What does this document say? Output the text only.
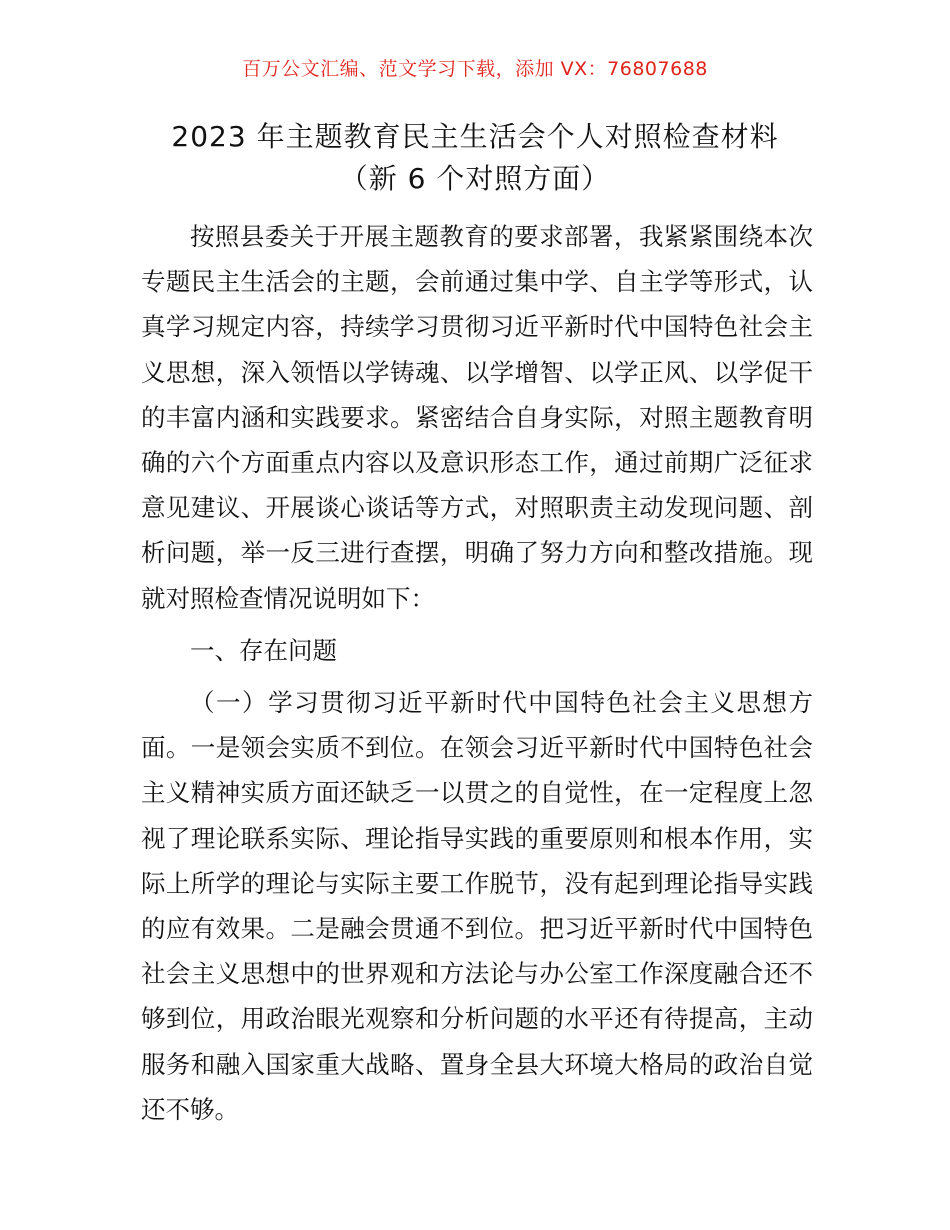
百万公文汇编、范文学习下载，添加 VX：76807688
2023 年主题教育民主生活会个人对照检查材料
（新 6 个对照方面）

按照县委关于开展主题教育的要求部署，我紧紧围绕本次专题民主生活会的主题，会前通过集中学、自主学等形式，认真学习规定内容，持续学习贯彻习近平新时代中国特色社会主义思想，深入领悟以学铸魂、以学增智、以学正风、以学促干的丰富内涵和实践要求。紧密结合自身实际，对照主题教育明确的六个方面重点内容以及意识形态工作，通过前期广泛征求意见建议、开展谈心谈话等方式，对照职责主动发现问题、剖析问题，举一反三进行查摆，明确了努力方向和整改措施。现就对照检查情况说明如下：

一、存在问题

（一）学习贯彻习近平新时代中国特色社会主义思想方面。一是领会实质不到位。在领会习近平新时代中国特色社会主义精神实质方面还缺乏一以贯之的自觉性，在一定程度上忽视了理论联系实际、理论指导实践的重要原则和根本作用，实际上所学的理论与实际主要工作脱节，没有起到理论指导实践的应有效果。二是融会贯通不到位。把习近平新时代中国特色社会主义思想中的世界观和方法论与办公室工作深度融合还不够到位，用政治眼光观察和分析问题的水平还有待提高，主动服务和融入国家重大战略、置身全县大环境大格局的政治自觉还不够。
